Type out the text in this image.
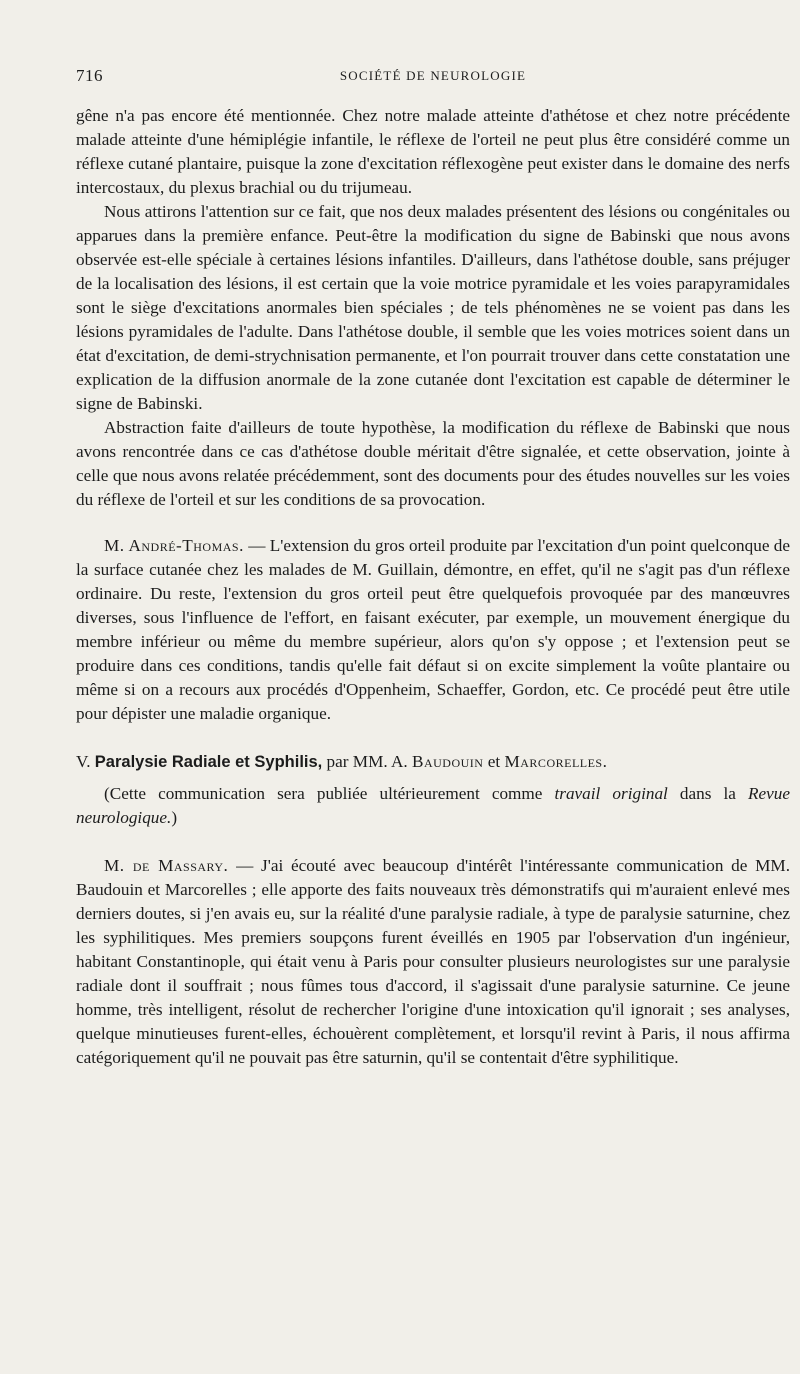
716	SOCIÉTÉ DE NEUROLOGIE

gêne n'a pas encore été mentionnée. Chez notre malade atteinte d'athétose et chez notre précédente malade atteinte d'une hémiplégie infantile, le réflexe de l'orteil ne peut plus être considéré comme un réflexe cutané plantaire, puisque la zone d'excitation réflexogène peut exister dans le domaine des nerfs intercostaux, du plexus brachial ou du trijumeau.

Nous attirons l'attention sur ce fait, que nos deux malades présentent des lésions ou congénitales ou apparues dans la première enfance. Peut-être la modification du signe de Babinski que nous avons observée est-elle spéciale à certaines lésions infantiles. D'ailleurs, dans l'athétose double, sans préjuger de la localisation des lésions, il est certain que la voie motrice pyramidale et les voies parapyramidales sont le siège d'excitations anormales bien spéciales ; de tels phénomènes ne se voient pas dans les lésions pyramidales de l'adulte. Dans l'athétose double, il semble que les voies motrices soient dans un état d'excitation, de demi-strychnisation permanente, et l'on pourrait trouver dans cette constatation une explication de la diffusion anormale de la zone cutanée dont l'excitation est capable de déterminer le signe de Babinski.

Abstraction faite d'ailleurs de toute hypothèse, la modification du réflexe de Babinski que nous avons rencontrée dans ce cas d'athétose double méritait d'être signalée, et cette observation, jointe à celle que nous avons relatée précédemment, sont des documents pour des études nouvelles sur les voies du réflexe de l'orteil et sur les conditions de sa provocation.

M. André-Thomas. — L'extension du gros orteil produite par l'excitation d'un point quelconque de la surface cutanée chez les malades de M. Guillain, démontre, en effet, qu'il ne s'agit pas d'un réflexe ordinaire. Du reste, l'extension du gros orteil peut être quelquefois provoquée par des manœuvres diverses, sous l'influence de l'effort, en faisant exécuter, par exemple, un mouvement énergique du membre inférieur ou même du membre supérieur, alors qu'on s'y oppose ; et l'extension peut se produire dans ces conditions, tandis qu'elle fait défaut si on excite simplement la voûte plantaire ou même si on a recours aux procédés d'Oppenheim, Schaeffer, Gordon, etc. Ce procédé peut être utile pour dépister une maladie organique.

V. Paralysie Radiale et Syphilis, par MM. A. Baudouin et Marcorelles.

(Cette communication sera publiée ultérieurement comme travail original dans la Revue neurologique.)

M. de Massary. — J'ai écouté avec beaucoup d'intérêt l'intéressante communication de MM. Baudouin et Marcorelles ; elle apporte des faits nouveaux très démonstratifs qui m'auraient enlevé mes derniers doutes, si j'en avais eu, sur la réalité d'une paralysie radiale, à type de paralysie saturnine, chez les syphilitiques. Mes premiers soupçons furent éveillés en 1905 par l'observation d'un ingénieur, habitant Constantinople, qui était venu à Paris pour consulter plusieurs neurologistes sur une paralysie radiale dont il souffrait ; nous fûmes tous d'accord, il s'agissait d'une paralysie saturnine. Ce jeune homme, très intelligent, résolut de rechercher l'origine d'une intoxication qu'il ignorait ; ses analyses, quelque minutieuses furent-elles, échouèrent complètement, et lorsqu'il revint à Paris, il nous affirma catégoriquement qu'il ne pouvait pas être saturnin, qu'il se contentait d'être syphilitique.
